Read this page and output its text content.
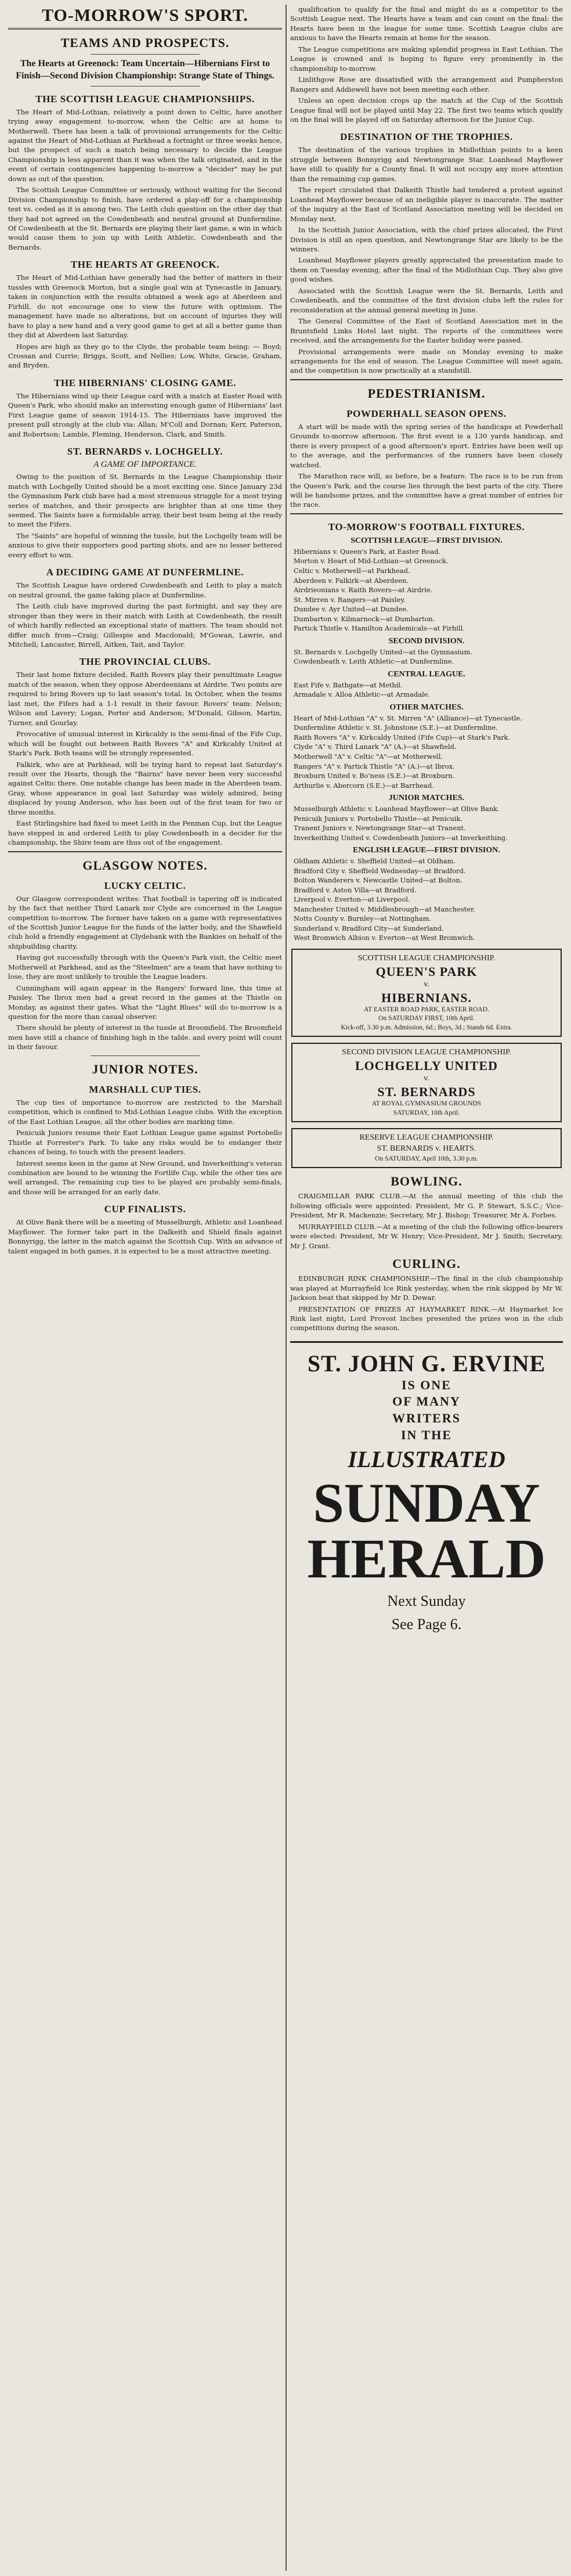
TO-MORROW'S SPORT.
TEAMS AND PROSPECTS.
The Hearts at Greenock: Team Uncertain—Hibernians First to Finish—Second Division Championship: Strange State of Things.
THE SCOTTISH LEAGUE CHAMPIONSHIPS.

The Heart of Mid-Lothian, relatively a point down to Celtic, have another trying away engagement to-morrow, when the Celtic are at home to Motherwell. There has been a talk of provisional arrangements for the Celtic against the Heart of Mid-Lothian at Parkhead a fortnight or three weeks hence, but the prospect of such a match being necessary to decide the League Championship is less apparent than it was when the talk originated, and in the event of certain contingencies happening to-morrow a "decider" may be put down as out of the question.

The Scottish League Committee or seriously, without waiting for the Second Division Championship to finish, have ordered a play-off for a championship test vs. ceded as it is among two. The Leith club question on the other day that they had not agreed on the Cowdenbeath and neutral ground at Dunfermline. Of Cowdenbeath at the St. Bernards are playing their last game, a win in which would cause them to join up with Leith Athletic, Cowdenbeath and the Bernards.

THE HEARTS AT GREENOCK.

The Heart of Mid-Lothian have generally had the better of matters in their tussles with Greenock Morton, but a single goal win at Tynecastle in January, taken in conjunction with the results obtained a week ago at Aberdeen and Firhill, do not encourage one to view the future with optimism. The management have made no alterations, but on account of injuries they will have to play a new hand and a very good game to get at all a better game than they did at Aberdeen last Saturday.

Hopes are high as they go to the Clyde, the probable team being: — Boyd; Crossan and Currie; Briggs, Scott, and Nellies; Low, White, Gracie, Graham, and Bryden.

THE HIBERNIANS' CLOSING GAME.

The Hibernians wind up their League card with a match at Easter Road with Queen's Park, who should make an interesting enough game of Hibernians' last First League game of season 1914-15. The Hibernians have improved the present pull strongly at the club via: Allan; M'Coll and Dornan; Kerr, Paterson, and Robertson; Lamble, Fleming, Henderson, Clark, and Smith.

ST. BERNARDS v. LOCHGELLY.
A GAME OF IMPORTANCE.

Owing to the position of St. Bernards in the League Championship their match with Lochgelly United should be a most exciting one. Since January 23d the Gymnasium Park club have had a most strenuous struggle for a most trying series of matches, and their prospects are brighter than at one time they seemed. The Saints have a formidable array, their best team being at the ready to meet the Fifers.

The "Saints" are hopeful of winning the tussle, but the Lochgelly team will be anxious to give their supporters good parting shots, and are no lesser bettered every effort to win.

A DECIDING GAME AT DUNFERMLINE.

The Scottish League have ordered Cowdenbeath and Leith to play a match on neutral ground, the game taking place at Dunfermline.

The Leith club have improved during the past fortnight, and say they are stronger than they were in their match with Leith at Cowdenbeath, the result of which hardly reflected an exceptional state of matters. The team should not differ much from—Craig; Gillespie and Macdonald; M'Gowan, Lawrie, and Mitchell; Lancaster, Birrell, Aitken, Tait, and Taylor.

THE PROVINCIAL CLUBS.

Their last home fixture decided, Raith Rovers play their penultimate League match of the season, when they oppose Aberdeenians at Airdrie. Two points are required to bring Rovers up to last season's total. In October, when the teams last met, the Fifers had a 1-1 result in their favour. Rovers' team: Nelson; Wilson and Lavery; Logan, Porter and Anderson; M'Donald, Gibson, Martin, Turner, and Gourlay.

Provocative of unusual interest in Kirkcaldy is the semi-final of the Fife Cup, which will be fought out between Raith Rovers "A" and Kirkcaldy United at Stark's Park. Both teams will be strongly represented.

Falkirk, who are at Parkhead, will be trying hard to repeat last Saturday's result over the Hearts, though the "Bairns" have never been very successful against Celtic there. One notable change has been made in the Aberdeen team, Gray, whose appearance in goal last Saturday was widely admired, being displaced by young Anderson, who has been out of the first team for two or three months.

East Stirlingshire had fixed to meet Leith in the Penman Cup, but the League have stepped in and ordered Leith to play Cowdenbeath in a decider for the championship, the Shire team are thus out of the engagement.

GLASGOW NOTES.
LUCKY CELTIC.

Our Glasgow correspondent writes: That football is tapering off is indicated by the fact that neither Third Lanark nor Clyde are concerned in the League competition to-morrow. The former have taken on a game with representatives of the Scottish Junior League for the funds of the latter body, and the Shawfield club hold a friendly engagement at Clydebank with the Bankies on behalf of the shipbuilding charity.

Having got successfully through with the Queen's Park visit, the Celtic meet Motherwell at Parkhead, and as the "Steelmen" are a team that have nothing to lose, they are most unlikely to trouble the League leaders.

Cunningham will again appear in the Rangers' forward line, this time at Paisley. The Ibrox men had a great record in the games at the Thistle on Monday, as against their gates. What the "Light Blues" will do to-morrow is a question for the more than casual observer.

There should be plenty of interest in the tussle at Broomfield. The Broomfield men have still a chance of finishing high in the table, and every point will count in their favour.

JUNIOR NOTES.
MARSHALL CUP TIES.

The cup ties of importance to-morrow are restricted to the Marshall competition, which is confined to Mid-Lothian League clubs. With the exception of the East Lothian League, all the other bodies are marking time.

Penicuik Juniors resume their East Lothian League game against Portobello Thistle at Forrester's Park. To take any risks would be to endanger their chances of being, to touch with the present leaders.

Interest seems keen in the game at New Ground, and Inverkeithing's veteran combination are bound to be winning the Fortlife Cup, while the other ties are well arranged. The remaining cup ties to be played are probably semi-finals, and those will be arranged for an early date.

CUP FINALISTS.

At Olive Bank there will be a meeting of Musselburgh, Athletic and Loanhead Mayflower. The former take part in the Dalkeith and Shield finals against Bonnyrigg, the latter in the match against the Scottish Cup. With an advance of talent engaged in both games, it is expected to be a most attractive meeting.

qualification to qualify for the final and might do as a competitor to the Scottish League next. The Hearts have a team and can count on the final: the Hearts have been in the league for some time. Scottish League clubs are anxious to have the Hearts remain at home for the season.

The League competitions are making splendid progress in East Lothian. The League is crowned and is hoping to figure very prominently in the championship to-morrow.

Linlithgow Rose are dissatisfied with the arrangement and Pumpherston Rangers and Addiewell have not been meeting each other.

Unless an open decision crops up the match at the Cup of the Scottish League final will not be played until May 22. The first two teams which qualify on the final will be played off on Saturday afternoon for the Junior Cup.

DESTINATION OF THE TROPHIES.

The destination of the various trophies in Midlothian points to a keen struggle between Bonnyrigg and Newtongrange Star. Loanhead Mayflower have still to qualify for a County final. It will not occupy any more attention than the remaining cup games.

The report circulated that Dalkeith Thistle had tendered a protest against Loanhead Mayflower because of an ineligible player is inaccurate. The matter of the inquiry at the East of Scotland Association meeting will be decided on Monday next.

In the Scottish Junior Association, with the chief prizes allocated, the First Division is still an open question, and Newtongrange Star are likely to be the winners.

Loanhead Mayflower players greatly appreciated the presentation made to them on Tuesday evening, after the final of the Midlothian Cup. They also give good wishes.

Associated with the Scottish League were the St. Bernards, Leith and Cowdenbeath, and the committee of the first division clubs left the rules for reconsideration at the annual general meeting in June.

The General Committee of the East of Scotland Association met in the Bruntsfield Links Hotel last night. The reports of the committees were received, and the arrangements for the Easter holiday were passed.

Provisional arrangements were made on Monday evening to make arrangements for the end of season. The League Committee will meet again, and the competition is now practically at a standstill.

PEDESTRIANISM.
POWDERHALL SEASON OPENS.

A start will be made with the spring series of the handicaps at Powderhall Grounds to-morrow afternoon. The first event is a 130 yards handicap, and there is every prospect of a good afternoon's sport. Entries have been well up to the average, and the performances of the runners have been closely watched.

The Marathon race will, as before, be a feature. The race is to be run from the Queen's Park, and the course lies through the best parts of the city. There will be handsome prizes, and the committee have a great number of entries for the race.

TO-MORROW'S FOOTBALL FIXTURES.
SCOTTISH LEAGUE—FIRST DIVISION.
Hibernians v. Queen's Park, at Easter Road.
Morton v. Heart of Mid-Lothian—at Greenock.
Celtic v. Motherwell—at Parkhead.
Aberdeen v. Falkirk—at Aberdeen.
Airdrieonians v. Raith Rovers—at Airdrie.
St. Mirren v. Rangers—at Paisley.
Dundee v. Ayr United—at Dundee.
Dumbarton v. Kilmarnock—at Dumbarton.
Partick Thistle v. Hamilton Academicals—at Firhill.
SECOND DIVISION.
St. Bernards v. Lochgelly United—at the Gymnasium.
Cowdenbeath v. Leith Athletic—at Dunfermline.
CENTRAL LEAGUE.
East Fife v. Bathgate—at Methil.
Armadale v. Alloa Athletic—at Armadale.
OTHER MATCHES.
Heart of Mid-Lothian "A" v. St. Mirren "A" (Alliance)—at Tynecastle.
Dunfermline Athletic v. St. Johnstone (S.E.)—at Dunfermline.
Raith Rovers "A" v. Kirkcaldy United (Fife Cup)—at Stark's Park.
Clyde "A" v. Third Lanark "A" (A.)—at Shawfield.
Motherwell "A" v. Celtic "A"—at Motherwell.
Rangers "A" v. Partick Thistle "A" (A.)—at Ibrox.
Broxburn United v. Bo'ness (S.E.)—at Broxburn.
Arthurlie v. Abercorn (S.E.)—at Barrhead.
JUNIOR MATCHES.
Musselburgh Athletic v. Loanhead Mayflower—at Olive Bank.
Penicuik Juniors v. Portobello Thistle—at Penicuik.
Tranent Juniors v. Newtongrange Star—at Tranent.
Inverkeithing United v. Cowdenbeath Juniors—at Inverkeithing.
ENGLISH LEAGUE—FIRST DIVISION.
Oldham Athletic v. Sheffield United—at Oldham.
Bradford City v. Sheffield Wednesday—at Bradford.
Bolton Wanderers v. Newcastle United—at Bolton.
Bradford v. Aston Villa—at Bradford.
Liverpool v. Everton—at Liverpool.
Manchester United v. Middlesbrough—at Manchester.
Notts County v. Burnley—at Nottingham.
Sunderland v. Bradford City—at Sunderland.
West Bromwich Albion v. Everton—at West Bromwich.
SCOTTISH LEAGUE CHAMPIONSHIP.
QUEEN'S PARK
v.
HIBERNIANS.
AT EASTER ROAD PARK, EASTER ROAD.
On SATURDAY FIRST, 10th April.
Kick-off, 3.30 p.m. Admission, 6d.; Boys, 3d.; Stands 6d. Extra.
SECOND DIVISION LEAGUE CHAMPIONSHIP.
LOCHGELLY UNITED
v.
ST. BERNARDS
AT ROYAL GYMNASIUM GROUNDS
SATURDAY, 10th April.
RESERVE LEAGUE CHAMPIONSHIP.
ST. BERNARDS v. HEARTS.
On SATURDAY, April 10th, 3.30 p.m.
BOWLING.

CRAIGMILLAR PARK CLUB.—At the annual meeting of this club the following officials were appointed: President, Mr G. P. Stewart, S.S.C.; Vice-President, Mr R. Mackenzie; Secretary, Mr J. Bishop; Treasurer, Mr A. Forbes.

MURRAYFIELD CLUB.—At a meeting of the club the following office-bearers were elected: President, Mr W. Henry; Vice-President, Mr J. Smith; Secretary, Mr J. Grant.

CURLING.

EDINBURGH RINK CHAMPIONSHIP.—The final in the club championship was played at Murrayfield Ice Rink yesterday, when the rink skipped by Mr W. Jackson beat that skipped by Mr D. Dewar.

PRESENTATION OF PRIZES AT HAYMARKET RINK.—At Haymarket Ice Rink last night, Lord Provost Inches presented the prizes won in the club competitions during the season.

ST. JOHN G. ERVINE
IS ONE
OF MANY
WRITERS
IN THE
ILLUSTRATED
SUNDAY
HERALD
Next Sunday
See Page 6.
